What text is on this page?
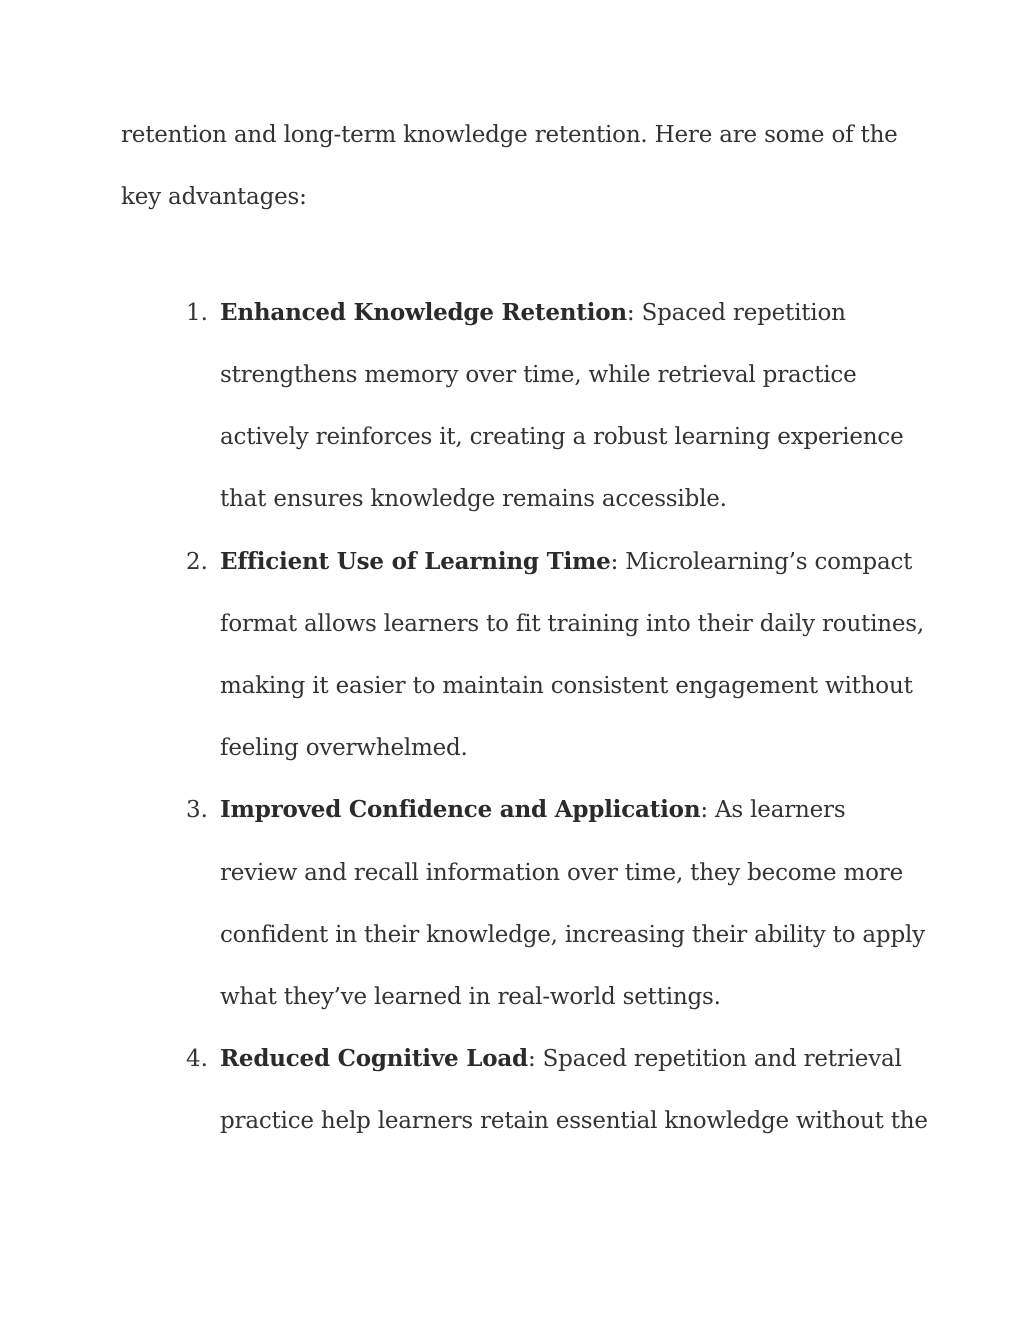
retention and long-term knowledge retention. Here are some of the
key advantages:
1. Enhanced Knowledge Retention: Spaced repetition
strengthens memory over time, while retrieval practice
actively reinforces it, creating a robust learning experience
that ensures knowledge remains accessible.
2. Efficient Use of Learning Time: Microlearning’s compact
format allows learners to fit training into their daily routines,
making it easier to maintain consistent engagement without
feeling overwhelmed.
3. Improved Confidence and Application: As learners
review and recall information over time, they become more
confident in their knowledge, increasing their ability to apply
what they’ve learned in real-world settings.
4. Reduced Cognitive Load: Spaced repetition and retrieval
practice help learners retain essential knowledge without the
